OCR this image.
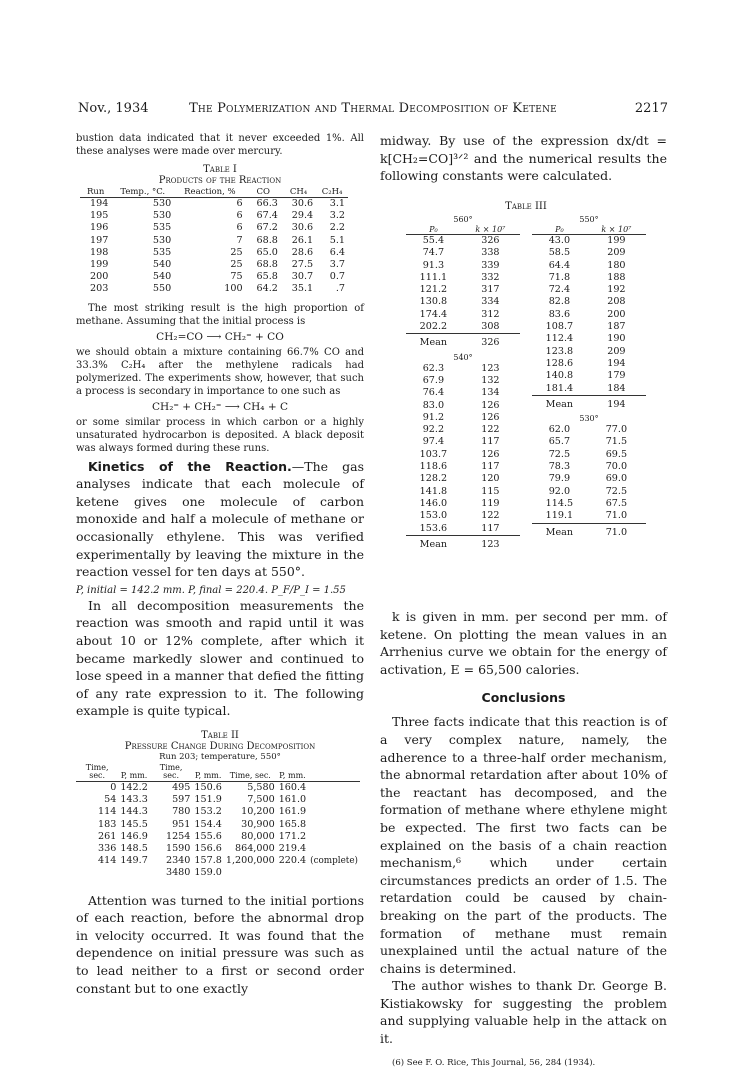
Nov., 1934	The Polymerization and Thermal Decomposition of Ketene	2217

bustion data indicated that it never exceeded 1%. All these analyses were made over mercury.

Table I

Products of the Reaction

Run	Temp., °C.	Reaction, %	CO	CH₄	C₂H₄
194	530	6	66.3	30.6	3.1
195	530	6	67.4	29.4	3.2
196	535	6	67.2	30.6	2.2
197	530	7	68.8	26.1	5.1
198	535	25	65.0	28.6	6.4
199	540	25	68.8	27.5	3.7
200	540	75	65.8	30.7	0.7
203	550	100	64.2	35.1	.7

The most striking result is the high proportion of methane. Assuming that the initial process is

CH₂=CO ⟶ CH₂⁼ + CO

we should obtain a mixture containing 66.7% CO and 33.3% C₂H₄ after the methylene radicals had polymerized. The experiments show, however, that such a process is secondary in importance to one such as

CH₂⁼ + CH₂⁼ ⟶ CH₄ + C

or some similar process in which carbon or a highly unsaturated hydrocarbon is deposited. A black deposit was always formed during these runs.

Kinetics of the Reaction.—The gas analyses indicate that each molecule of ketene gives one molecule of carbon monoxide and half a molecule of methane or occasionally ethylene. This was verified experimentally by leaving the mixture in the reaction vessel for ten days at 550°.

P, initial = 142.2 mm. P, final = 220.4. P_F/P_I = 1.55

In all decomposition measurements the reaction was smooth and rapid until it was about 10 or 12% complete, after which it became markedly slower and continued to lose speed in a manner that defied the fitting of any rate expression to it. The following example is quite typical.

Table II

Pressure Change During Decomposition

Run 203; temperature, 550°

Time, sec.	P, mm.	Time, sec.	P, mm.	Time, sec.	P, mm.	
0	142.2	495	150.6	5,580	160.4	
54	143.3	597	151.9	7,500	161.0	
114	144.3	780	153.2	10,200	161.9	
183	145.5	951	154.4	30,900	165.8	
261	146.9	1254	155.6	80,000	171.2	
336	148.5	1590	156.6	864,000	219.4	
414	149.7	2340	157.8	1,200,000	220.4	(complete)
		3480	159.0			

Attention was turned to the initial portions of each reaction, before the abnormal drop in velocity occurred. It was found that the dependence on initial pressure was such as to lead neither to a first or second order constant but to one exactly

midway. By use of the expression dx/dt = k[CH₂=CO]³ᐟ² and the numerical results the following constants were calculated.

Table III

560°	
P₀	k × 10⁷
55.4	326
74.7	338
91.3	339
111.1	332
121.2	317
130.8	334
174.4	312
202.2	308
Mean	326
540°	
62.3	123
67.9	132
76.4	134
83.0	126
91.2	126
92.2	122
97.4	117
103.7	126
118.6	117
128.2	120
141.8	115
146.0	119
153.0	122
153.6	117
Mean	123
550°	
P₀	k × 10⁷
43.0	199
58.5	209
64.4	180
71.8	188
72.4	192
82.8	208
83.6	200
108.7	187
112.4	190
123.8	209
128.6	194
140.8	179
181.4	184
Mean	194
530°	
62.0	77.0
65.7	71.5
72.5	69.5
78.3	70.0
79.9	69.0
92.0	72.5
114.5	67.5
119.1	71.0
Mean	71.0

k is given in mm. per second per mm. of ketene. On plotting the mean values in an Arrhenius curve we obtain for the energy of activation, E = 65,500 calories.

Conclusions

Three facts indicate that this reaction is of a very complex nature, namely, the adherence to a three-half order mechanism, the abnormal retardation after about 10% of the reactant has decomposed, and the formation of methane where ethylene might be expected. The first two facts can be explained on the basis of a chain reaction mechanism,⁶ which under certain circumstances predicts an order of 1.5. The retardation could be caused by chain-breaking on the part of the products. The formation of methane must remain unexplained until the actual nature of the chains is determined.

The author wishes to thank Dr. George B. Kistiakowsky for suggesting the problem and supplying valuable help in the attack on it.

(6) See F. O. Rice, This Journal, 56, 284 (1934).
